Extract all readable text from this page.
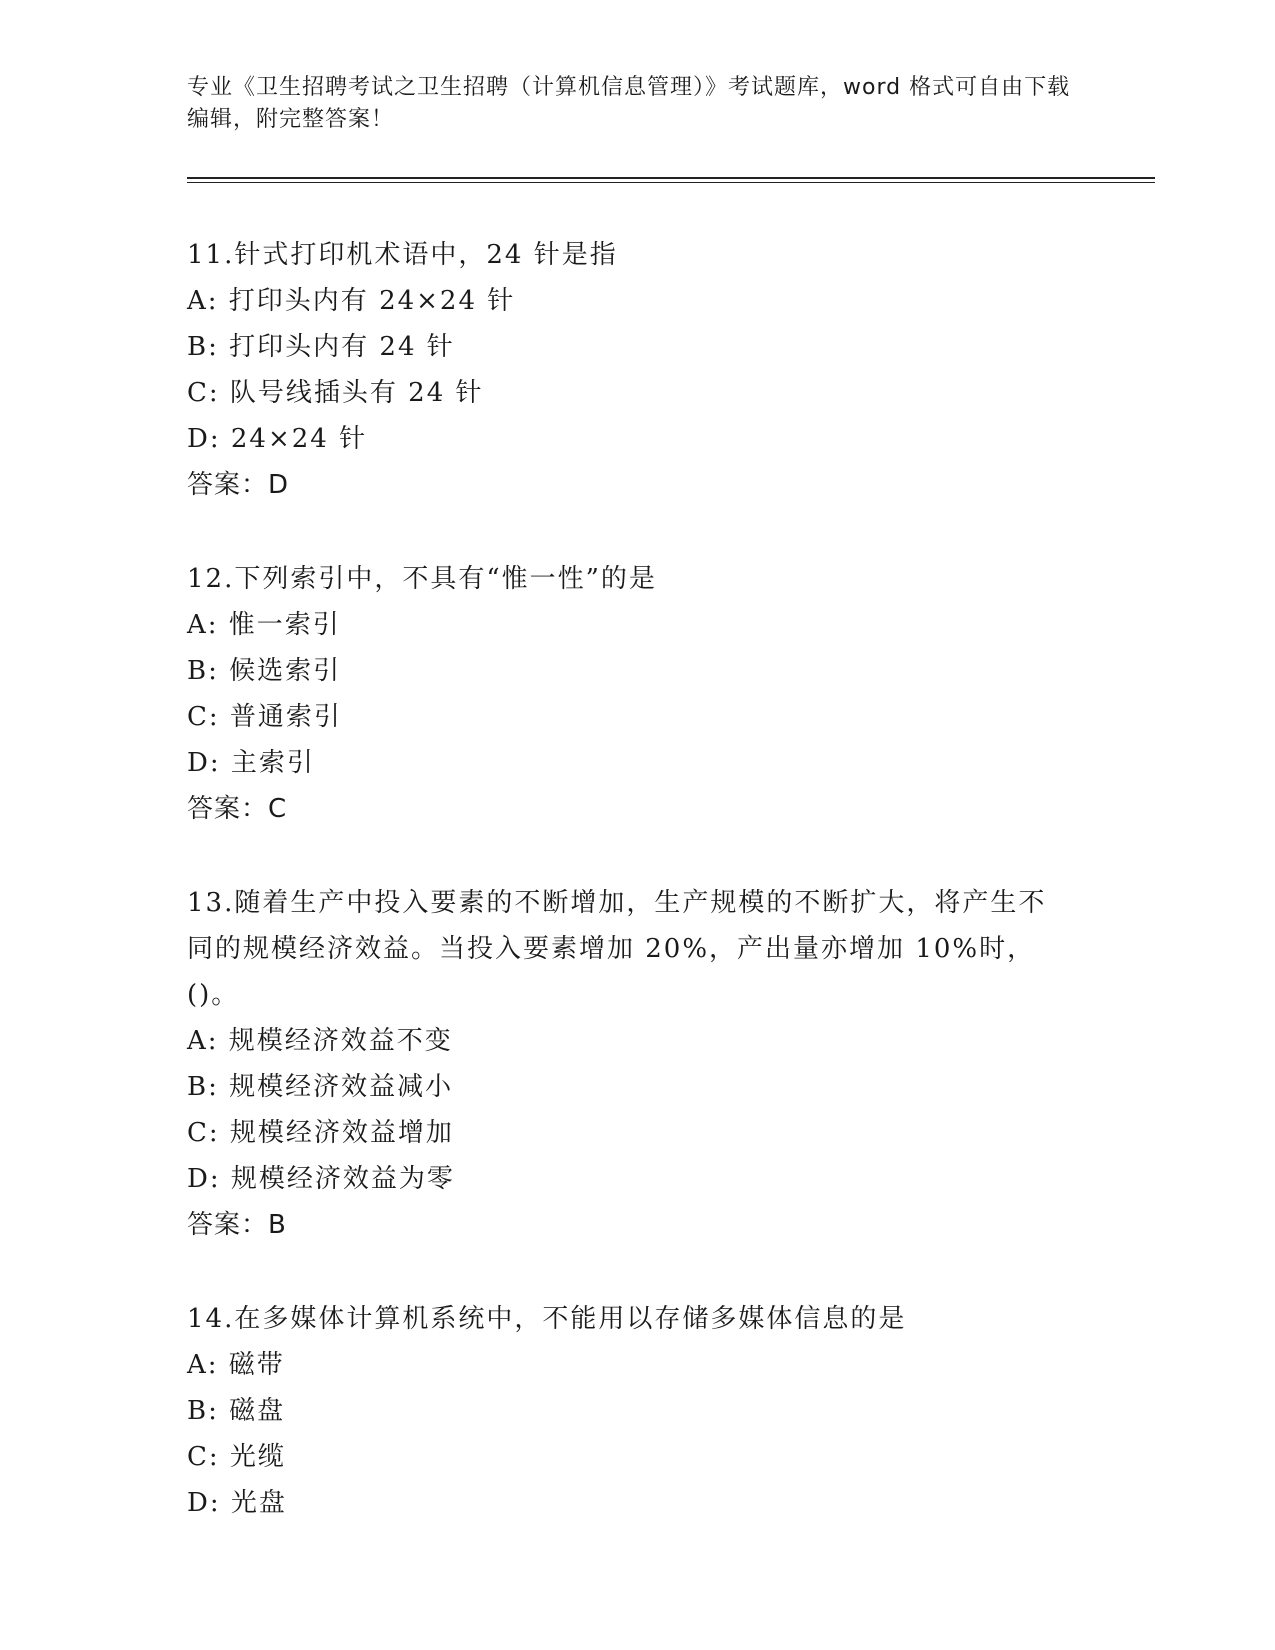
专业《卫生招聘考试之卫生招聘（计算机信息管理）》考试题库，word 格式可自由下载编辑，附完整答案！
11.针式打印机术语中，24 针是指
A: 打印头内有 24×24 针
B: 打印头内有 24 针
C: 队号线插头有 24 针
D: 24×24 针
答案：D
12.下列索引中，不具有“惟一性”的是
A: 惟一索引
B: 候选索引
C: 普通索引
D: 主索引
答案：C
13.随着生产中投入要素的不断增加，生产规模的不断扩大，将产生不同的规模经济效益。当投入要素增加 20%，产出量亦增加 10%时，()。
A: 规模经济效益不变
B: 规模经济效益减小
C: 规模经济效益增加
D: 规模经济效益为零
答案：B
14.在多媒体计算机系统中，不能用以存储多媒体信息的是
A: 磁带
B: 磁盘
C: 光缆
D: 光盘
